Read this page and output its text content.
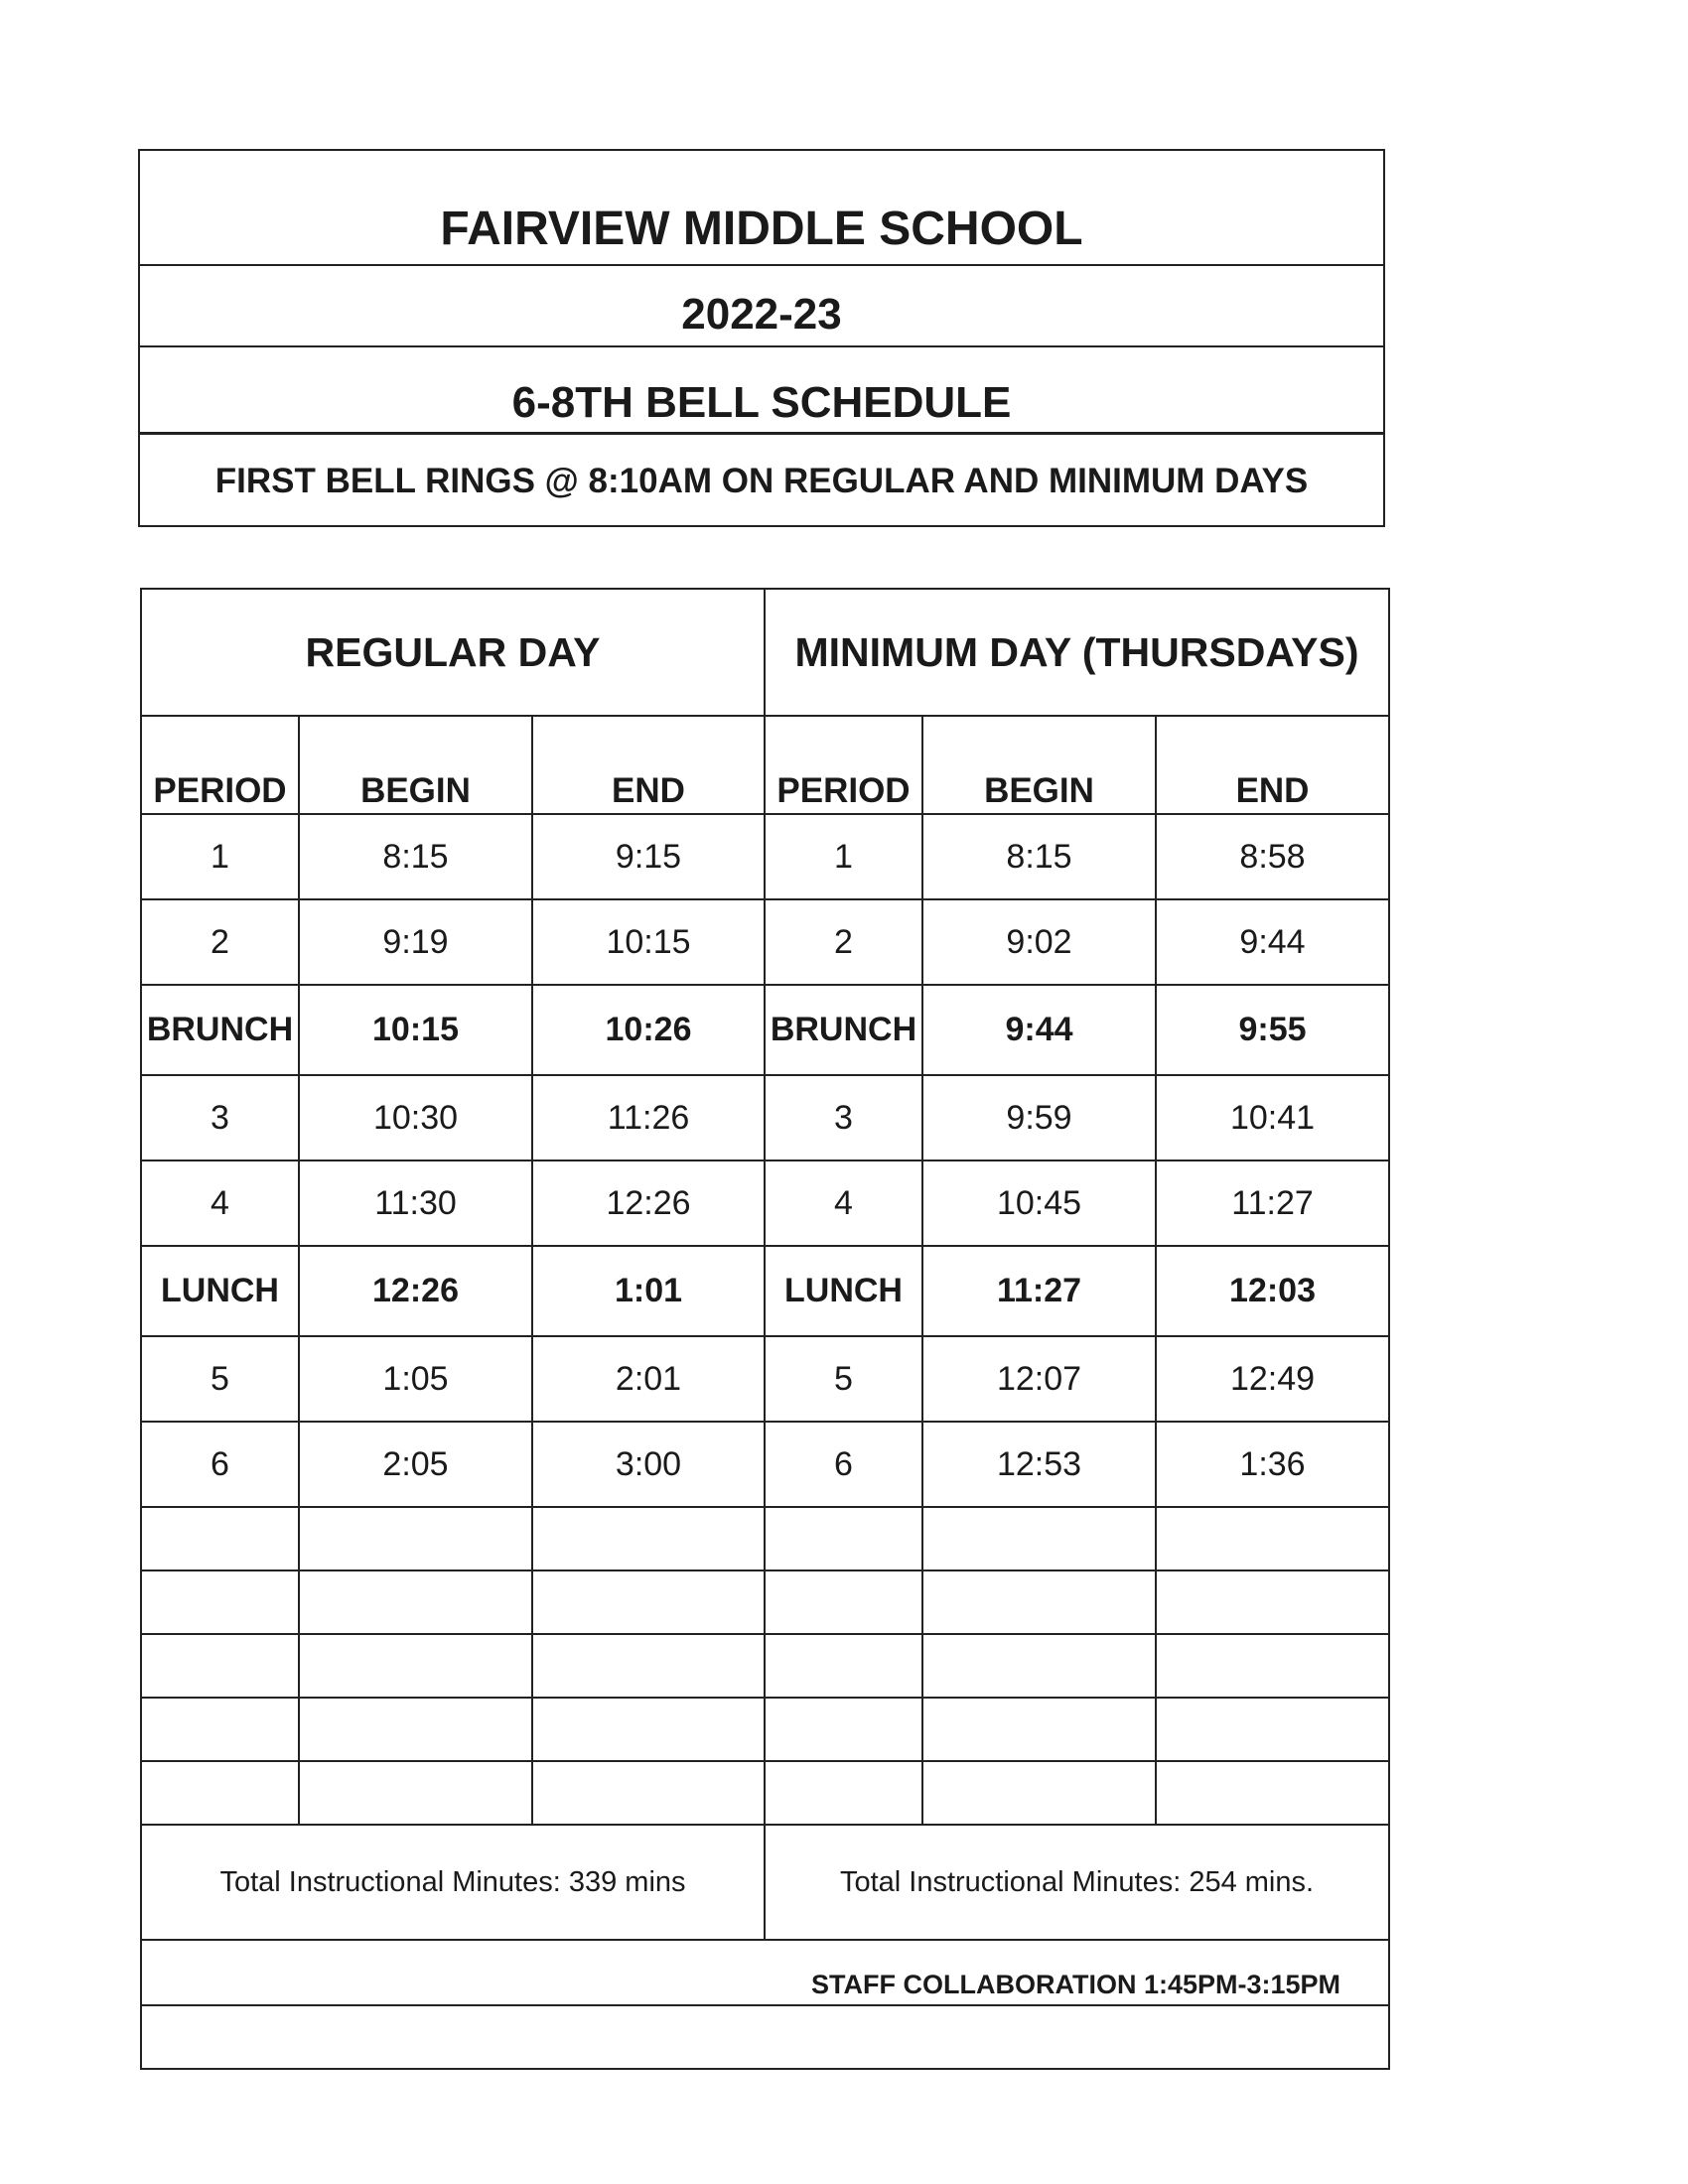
FAIRVIEW MIDDLE SCHOOL
2022-23
6-8TH BELL SCHEDULE
FIRST BELL RINGS @ 8:10AM ON REGULAR AND MINIMUM DAYS
REGULAR DAY			MINIMUM DAY (THURSDAYS)		
PERIOD	BEGIN	END	PERIOD	BEGIN	END
1	8:15	9:15	1	8:15	8:58
2	9:19	10:15	2	9:02	9:44
BRUNCH	10:15	10:26	BRUNCH	9:44	9:55
3	10:30	11:26	3	9:59	10:41
4	11:30	12:26	4	10:45	11:27
LUNCH	12:26	1:01	LUNCH	11:27	12:03
5	1:05	2:01	5	12:07	12:49
6	2:05	3:00	6	12:53	1:36

Total Instructional Minutes: 339 mins			Total Instructional Minutes: 254 mins.		
STAFF COLLABORATION 1:45PM-3:15PM					
